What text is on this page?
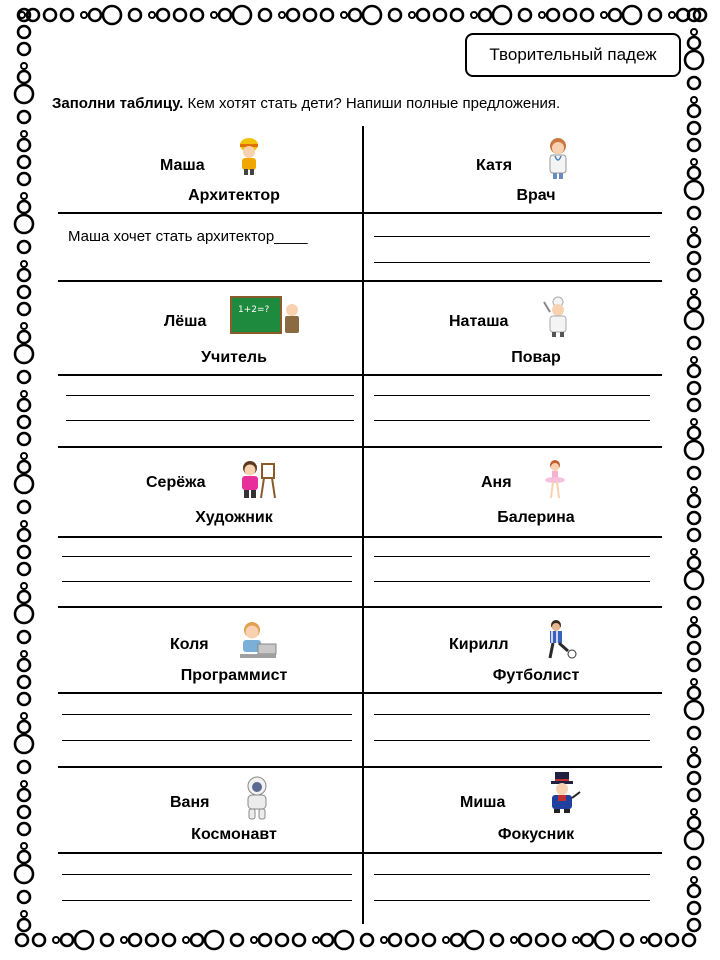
Творительный падеж
Заполни таблицу. Кем хотят стать дети? Напиши полные предложения.
Маша
Архитектор
Катя
Врач
Маша хочет стать архитектор____
Лёша
Учитель
Наташа
Повар
1+2=?
Серёжа
Художник
Аня
Балерина
Коля
Программист
Кирилл
Футболист
Ваня
Космонавт
Миша
Фокусник
